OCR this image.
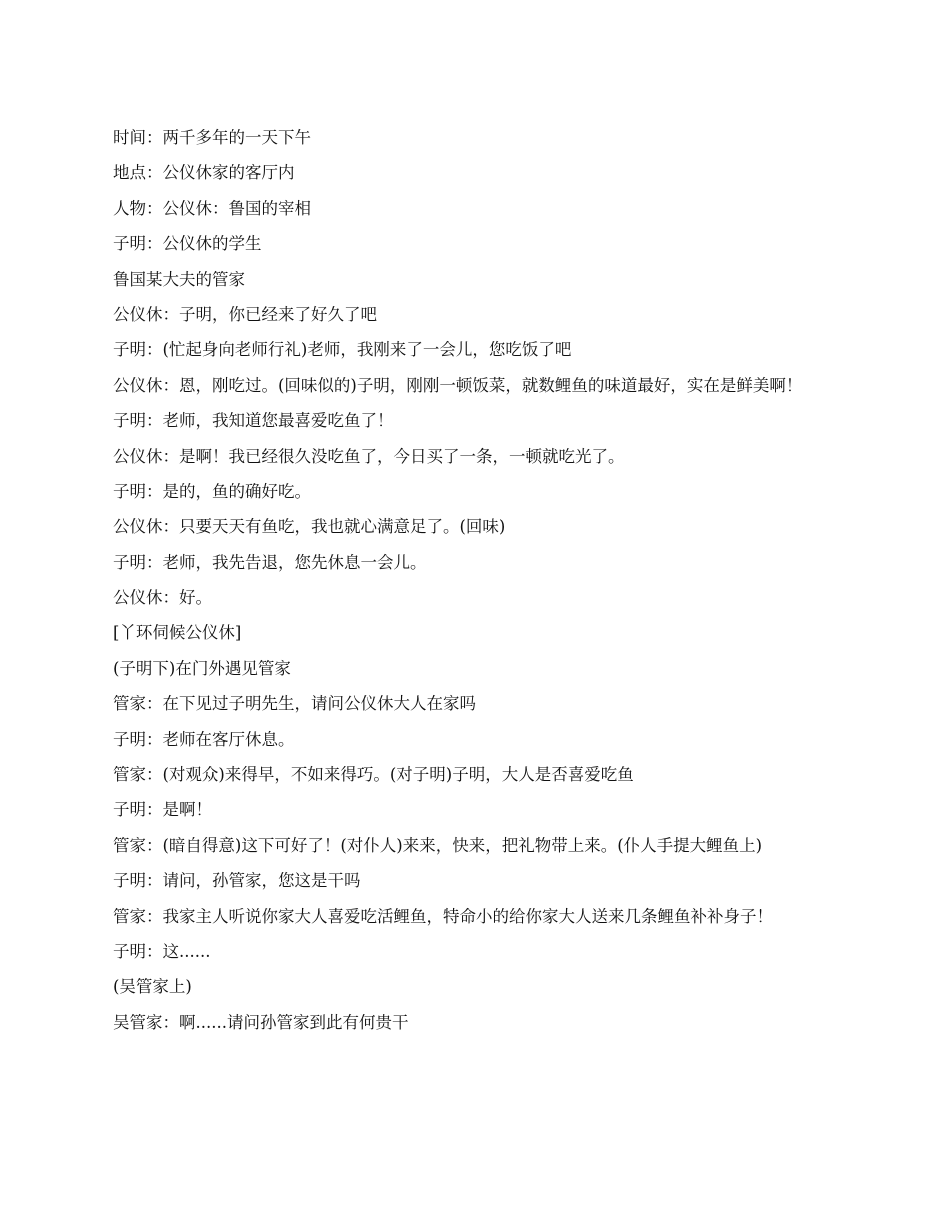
时间：两千多年的一天下午

地点：公仪休家的客厅内

人物：公仪休：鲁国的宰相

子明：公仪休的学生

鲁国某大夫的管家

公仪休：子明，你已经来了好久了吧

子明：(忙起身向老师行礼)老师，我刚来了一会儿，您吃饭了吧

公仪休：恩，刚吃过。(回味似的)子明，刚刚一顿饭菜，就数鲤鱼的味道最好，实在是鲜美啊！

子明：老师，我知道您最喜爱吃鱼了！

公仪休：是啊！我已经很久没吃鱼了，今日买了一条，一顿就吃光了。

子明：是的，鱼的确好吃。

公仪休：只要天天有鱼吃，我也就心满意足了。(回味)

子明：老师，我先告退，您先休息一会儿。

公仪休：好。

[丫环伺候公仪休]

(子明下)在门外遇见管家

管家：在下见过子明先生，请问公仪休大人在家吗

子明：老师在客厅休息。

管家：(对观众)来得早，不如来得巧。(对子明)子明，大人是否喜爱吃鱼

子明：是啊！

管家：(暗自得意)这下可好了！(对仆人)来来，快来，把礼物带上来。(仆人手提大鲤鱼上)

子明：请问，孙管家，您这是干吗

管家：我家主人听说你家大人喜爱吃活鲤鱼，特命小的给你家大人送来几条鲤鱼补补身子！

子明：这......

(吴管家上)

吴管家：啊......请问孙管家到此有何贵干
